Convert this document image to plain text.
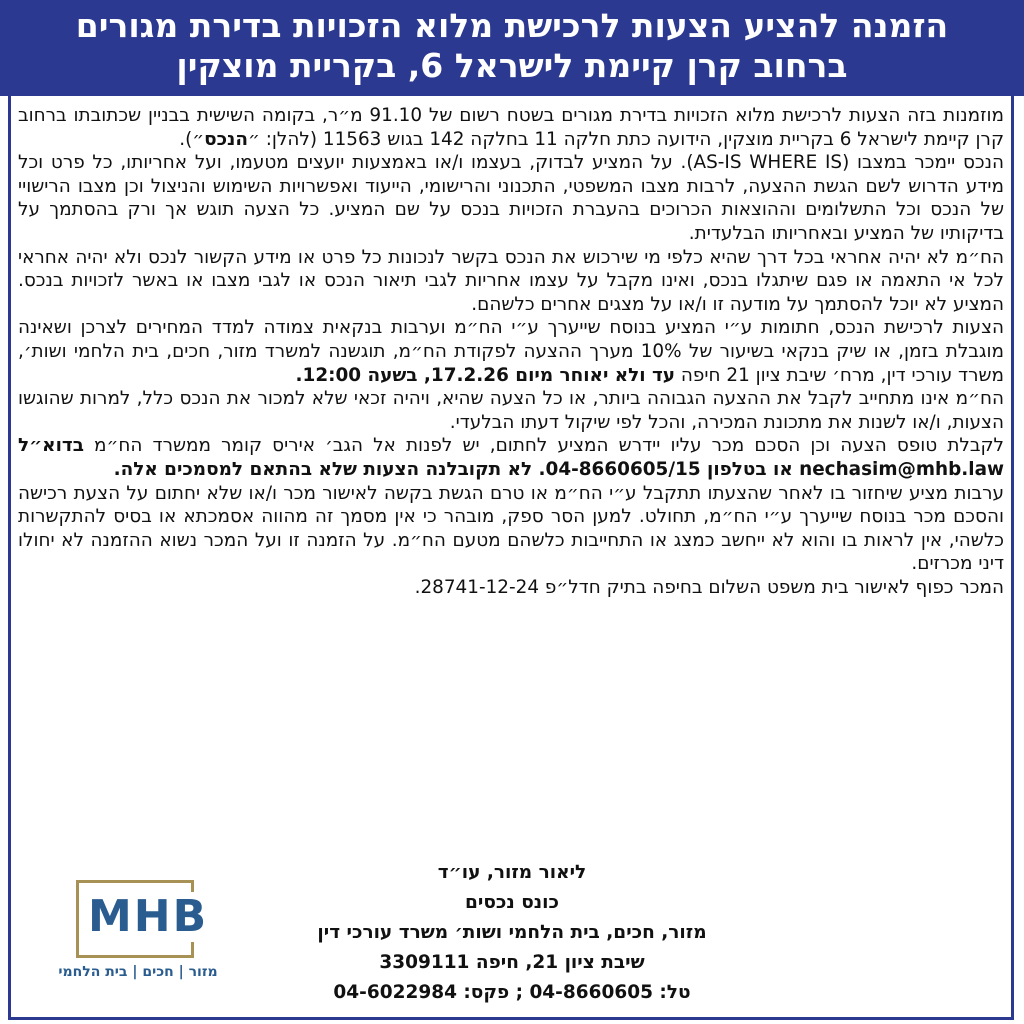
הזמנה להציע הצעות לרכישת מלוא הזכויות בדירת מגורים
ברחוב קרן קיימת לישראל 6, בקריית מוצקין

מוזמנות בזה הצעות לרכישת מלוא הזכויות בדירת מגורים בשטח רשום של 91.10 מ״ר, בקומה השישית בבניין שכתובתו ברחוב קרן קיימת לישראל 6 בקריית מוצקין, הידועה כתת חלקה 11 בחלקה 142 בגוש 11563 (להלן: ״הנכס״).

הנכס יימכר במצבו (AS-IS WHERE IS). על המציע לבדוק, בעצמו ו/או באמצעות יועצים מטעמו, ועל אחריותו, כל פרט וכל מידע הדרוש לשם הגשת ההצעה, לרבות מצבו המשפטי, התכנוני והרישומי, הייעוד ואפשרויות השימוש והניצול וכן מצבו הרישויי של הנכס וכל התשלומים וההוצאות הכרוכים בהעברת הזכויות בנכס על שם המציע. כל הצעה תוגש אך ורק בהסתמך על בדיקותיו של המציע ובאחריותו הבלעדית.

הח״מ לא יהיה אחראי בכל דרך שהיא כלפי מי שירכוש את הנכס בקשר לנכונות כל פרט או מידע הקשור לנכס ולא יהיה אחראי לכל אי התאמה או פגם שיתגלו בנכס, ואינו מקבל על עצמו אחריות לגבי תיאור הנכס או לגבי מצבו או באשר לזכויות בנכס. המציע לא יוכל להסתמך על מודעה זו ו/או על מצגים אחרים כלשהם.

הצעות לרכישת הנכס, חתומות ע״י המציע בנוסח שייערך ע״י הח״מ וערבות בנקאית צמודה למדד המחירים לצרכן ושאינה מוגבלת בזמן, או שיק בנקאי בשיעור של 10% מערך ההצעה לפקודת הח״מ, תוגשנה למשרד מזור, חכים, בית הלחמי ושות׳, משרד עורכי דין, מרח׳ שיבת ציון 21 חיפה עד ולא יאוחר מיום 17.2.26, בשעה 12:00.

הח״מ אינו מתחייב לקבל את ההצעה הגבוהה ביותר, או כל הצעה שהיא, ויהיה זכאי שלא למכור את הנכס כלל, למרות שהוגשו הצעות, ו/או לשנות את מתכונת המכירה, והכל לפי שיקול דעתו הבלעדי.

לקבלת טופס הצעה וכן הסכם מכר עליו יידרש המציע לחתום, יש לפנות אל הגב׳ איריס קומר ממשרד הח״מ בדוא״ל nechasim@mhb.law או בטלפון 04-8660605/15. לא תקובלנה הצעות שלא בהתאם למסמכים אלה.

ערבות מציע שיחזור בו לאחר שהצעתו תתקבל ע״י הח״מ או טרם הגשת בקשה לאישור מכר ו/או שלא יחתום על הצעת רכישה והסכם מכר בנוסח שייערך ע״י הח״מ, תחולט. למען הסר ספק, מובהר כי אין מסמך זה מהווה אסמכתא או בסיס להתקשרות כלשהי, אין לראות בו והוא לא ייחשב כמצג או התחייבות כלשהם מטעם הח״מ. על הזמנה זו ועל המכר נשוא ההזמנה לא יחולו דיני מכרזים.

המכר כפוף לאישור בית משפט השלום בחיפה בתיק חדל״פ 28741-12-24.

ליאור מזור, עו״ד
כונס נכסים
מזור, חכים, בית הלחמי ושות׳ משרד עורכי דין
שיבת ציון 21, חיפה 3309111
טל: 04-8660605 ; פקס: 04-6022984
MHB
מזור | חכים | בית הלחמי
